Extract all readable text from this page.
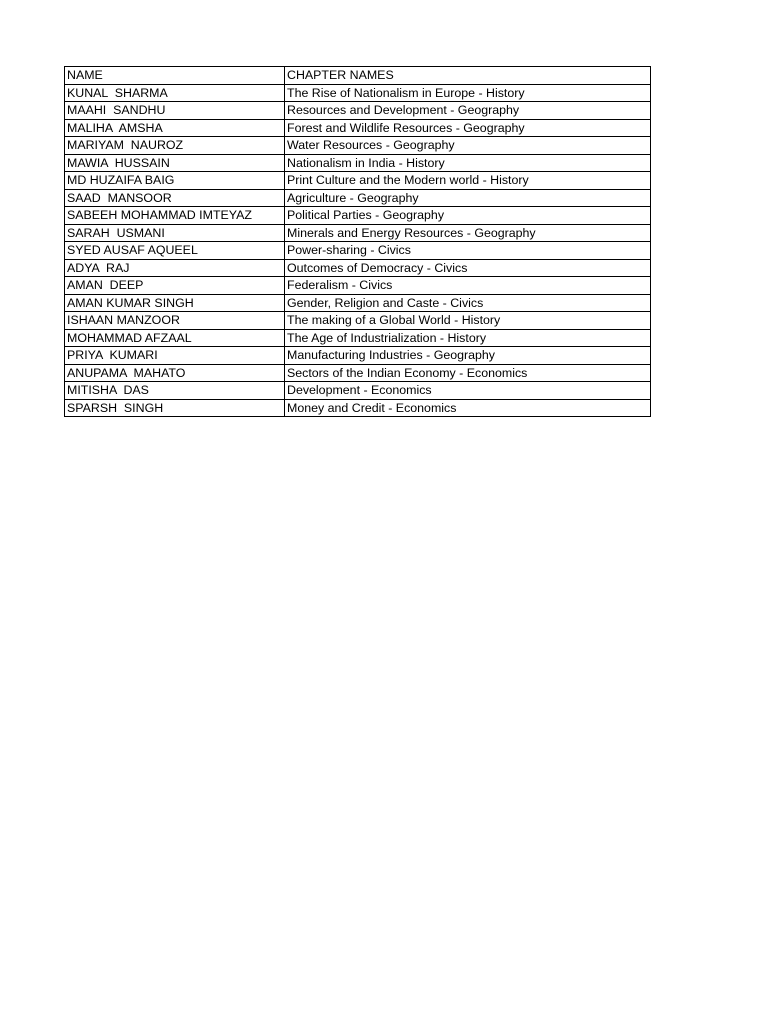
NAME	CHAPTER NAMES
KUNAL  SHARMA	The Rise of Nationalism in Europe - History
MAAHI  SANDHU	Resources and Development - Geography
MALIHA  AMSHA	Forest and Wildlife Resources - Geography
MARIYAM  NAUROZ	Water Resources - Geography
MAWIA  HUSSAIN	Nationalism in India - History
MD HUZAIFA BAIG	Print Culture and the Modern world - History
SAAD  MANSOOR	Agriculture - Geography
SABEEH MOHAMMAD IMTEYAZ	Political Parties - Geography
SARAH  USMANI	Minerals and Energy Resources - Geography
SYED AUSAF AQUEEL	Power-sharing - Civics
ADYA  RAJ	Outcomes of Democracy - Civics
AMAN  DEEP	Federalism - Civics
AMAN KUMAR SINGH	Gender, Religion and Caste - Civics
ISHAAN MANZOOR	The making of a Global World - History
MOHAMMAD AFZAAL	The Age of Industrialization - History
PRIYA  KUMARI	Manufacturing Industries - Geography
ANUPAMA  MAHATO	Sectors of the Indian Economy - Economics
MITISHA  DAS	Development - Economics
SPARSH  SINGH	Money and Credit - Economics
